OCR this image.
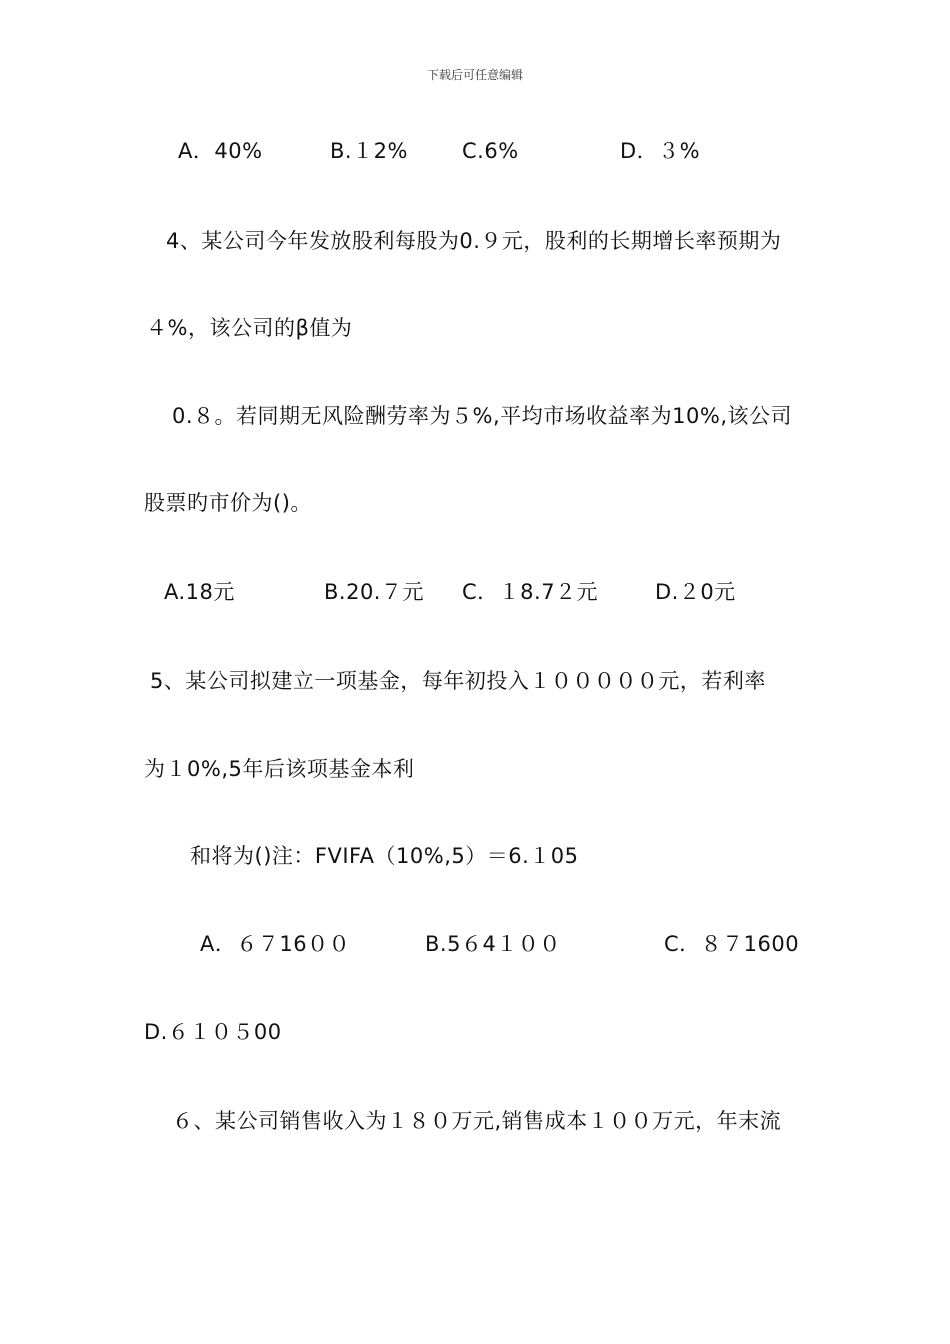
下载后可任意编辑
A．40%	B.１2%	C.6%	D．３%
4、某公司今年发放股利每股为0.９元，股利的长期增长率预期为
４%，该公司的β值为
0.８。若同期无风险酬劳率为５%,平均市场收益率为10%,该公司
股票旳市价为()。
A.18元	B.20.７元 C．１8.7２元	D.２0元
5、某公司拟建立一项基金，每年初投入１０００００元，若利率
为１0%,5年后该项基金本利
和将为()注：FVIFA（10%,5）＝6.１05
A．６７16００	B.5６4１００	C．８７1600
D.６１０５00
６、某公司销售收入为１８０万元,销售成本１００万元，年末流
